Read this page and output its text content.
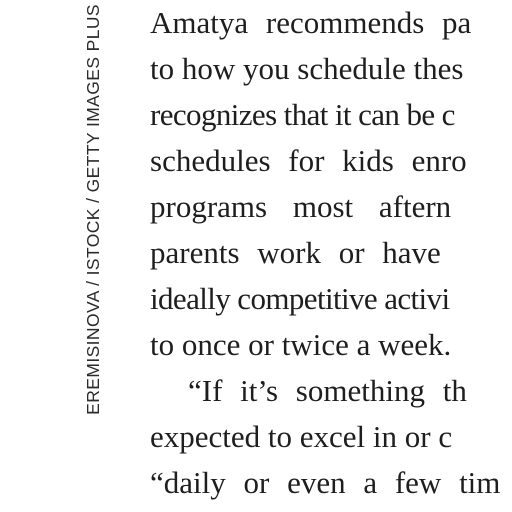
EREMISINOVA / ISTOCK / GETTY IMAGES PLUS Amatya recommends pa
to how you schedule thes
recognizes that it can be c
schedules for kids enro
programs most aftern
parents work or have
ideally competitive activi
to once or twice a week.
“If it’s something th
expected to excel in or c
“daily or even a few tim
